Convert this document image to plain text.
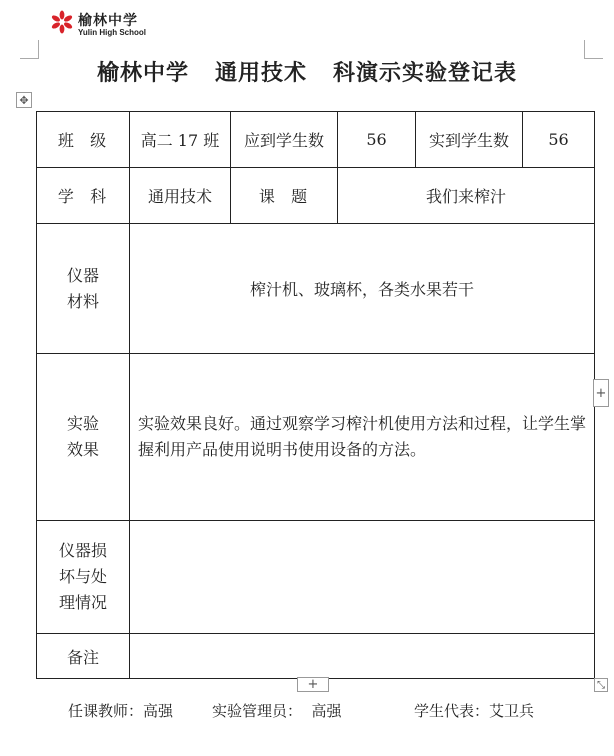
榆林中学
Yulin High School
榆林中学   通用技术   科演示实验登记表
✥
班  级	高二 17 班	应到学生数	56	实到学生数	56
学  科	通用技术	课  题	我们来榨汁		
仪器材料	榨汁机、玻璃杯，各类水果若干				
实验效果	实验效果良好。通过观察学习榨汁机使用方法和过程，让学生掌握利用产品使用说明书使用设备的方法。				
仪器损坏与处理情况					
备注					
+
+	⤡
任课教师：高强	实验管理员：  高强	学生代表：艾卫兵
